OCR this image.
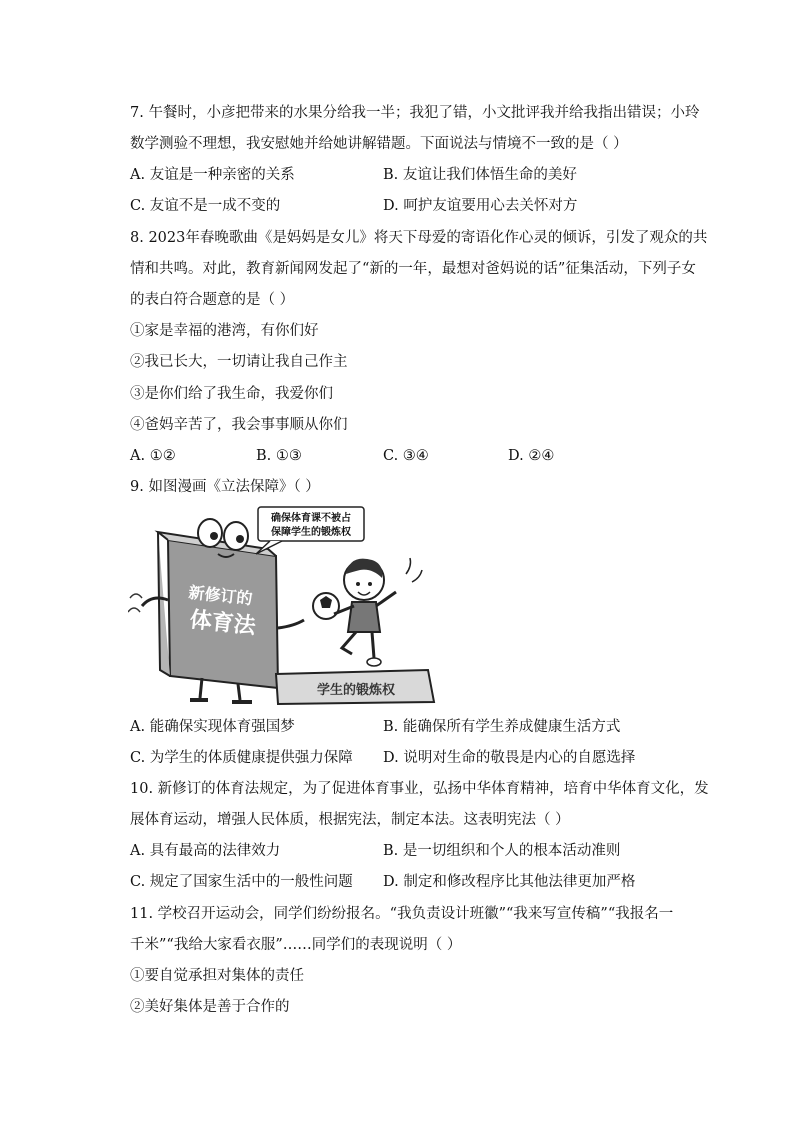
7. 午餐时，小彦把带来的水果分给我一半；我犯了错，小文批评我并给我指出错误；小玲
数学测验不理想，我安慰她并给她讲解错题。下面说法与情境不一致的是（ ）
A. 友谊是一种亲密的关系	B. 友谊让我们体悟生命的美好
C. 友谊不是一成不变的	D. 呵护友谊要用心去关怀对方
8. 2023年春晚歌曲《是妈妈是女儿》将天下母爱的寄语化作心灵的倾诉，引发了观众的共
情和共鸣。对此，教育新闻网发起了“新的一年，最想对爸妈说的话”征集活动，下列子女
的表白符合题意的是（ ）
①家是幸福的港湾，有你们好
②我已长大，一切请让我自己作主
③是你们给了我生命，我爱你们
④爸妈辛苦了，我会事事顺从你们
A. ①②	B. ①③	C. ③④	D. ②④
9. 如图漫画《立法保障》（ ）
新修订的
体育法
确保体育课不被占
保障学生的锻炼权
学生的锻炼权
A. 能确保实现体育强国梦	B. 能确保所有学生养成健康生活方式
C. 为学生的体质健康提供强力保障 D. 说明对生命的敬畏是内心的自愿选择
10. 新修订的体育法规定，为了促进体育事业，弘扬中华体育精神，培育中华体育文化，发
展体育运动，增强人民体质，根据宪法，制定本法。这表明宪法（ ）
A. 具有最高的法律效力	B. 是一切组织和个人的根本活动准则
C. 规定了国家生活中的一般性问题 D. 制定和修改程序比其他法律更加严格
11. 学校召开运动会，同学们纷纷报名。“我负责设计班徽”“我来写宣传稿”“我报名一
千米”“我给大家看衣服”……同学们的表现说明（ ）
①要自觉承担对集体的责任
②美好集体是善于合作的
